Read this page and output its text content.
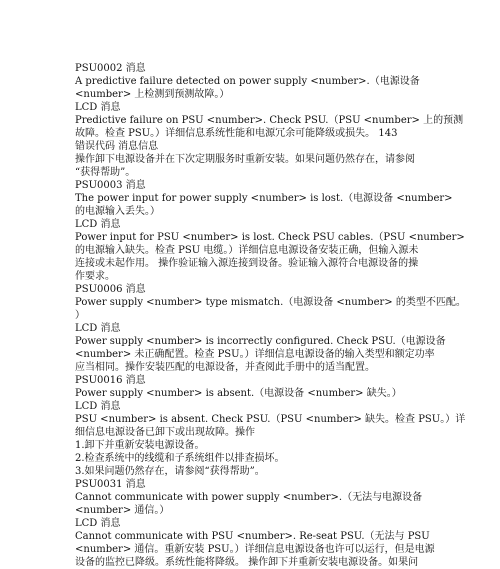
PSU0002 消息
A predictive failure detected on power supply <number>.（电源设备
<number> 上检测到预测故障。）
LCD 消息
Predictive failure on PSU <number>. Check PSU.（PSU <number> 上的预测
故障。检查 PSU。）详细信息系统性能和电源冗余可能降级或损失。 143
错误代码 消息信息
操作卸下电源设备并在下次定期服务时重新安装。如果问题仍然存在，请参阅
“获得帮助”。
PSU0003 消息
The power input for power supply <number> is lost.（电源设备 <number>
的电源输入丢失。）
LCD 消息
Power input for PSU <number> is lost. Check PSU cables.（PSU <number>
的电源输入缺失。检查 PSU 电缆。）详细信息电源设备安装正确，但输入源未
连接或未起作用。 操作验证输入源连接到设备。验证输入源符合电源设备的操
作要求。
PSU0006 消息
Power supply <number> type mismatch.（电源设备 <number> 的类型不匹配。
）
LCD 消息
Power supply <number> is incorrectly configured. Check PSU.（电源设备
<number> 未正确配置。检查 PSU。）详细信息电源设备的输入类型和额定功率
应当相同。操作安装匹配的电源设备，并查阅此手册中的适当配置。
PSU0016 消息
Power supply <number> is absent.（电源设备 <number> 缺失。）
LCD 消息
PSU <number> is absent. Check PSU.（PSU <number> 缺失。检查 PSU。）详
细信息电源设备已卸下或出现故障。操作
1.卸下并重新安装电源设备。
2.检查系统中的线缆和子系统组件以排查损坏。
3.如果问题仍然存在，请参阅“获得帮助”。
PSU0031 消息
Cannot communicate with power supply <number>.（无法与电源设备
<number> 通信。）
LCD 消息
Cannot communicate with PSU <number>. Re-seat PSU.（无法与 PSU
<number> 通信。重新安装 PSU。）详细信息电源设备也许可以运行，但是电源
设备的监控已降级。系统性能将降级。 操作卸下并重新安装电源设备。如果问
